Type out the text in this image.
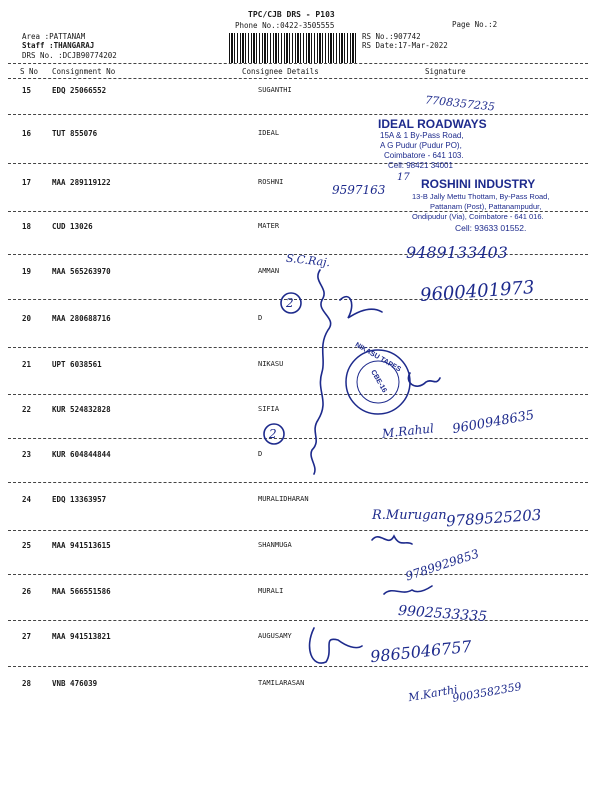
TPC/CJB DRS - P103
Phone No.:0422-3505555	Page No.:2
Area :PATTANAM
Staff :THANGARAJ
DRS No. :DCJB90774202
RS No.:907742
RS Date:17-Mar-2022
S No Consignment No	Consignee Details	Signature
15	EDQ 25066552	SUGANTHI
16	TUT 855076	IDEAL
17	MAA 289119122	ROSHNI
18	CUD 13026	MATER
19	MAA 565263970	AMMAN
20	MAA 280688716	D
21	UPT 6038561	NIKASU
22	KUR 524832828	SIFIA
23	KUR 604844844	D
24	EDQ 13363957	MURALIDHARAN
25	MAA 941513615	SHANMUGA
26	MAA 566551586	MURALI
27	MAA 941513821	AUGUSAMY
28	VNB 476039	TAMILARASAN
IDEAL ROADWAYS
15A & 1 By-Pass Road,
A G Pudur (Pudur PO),
Coimbatore - 641 103.
Cell: 98421 34001
ROSHINI INDUSTRY
13-B Jally Mettu Thottam, By-Pass Road,
Pattanam (Post), Pattanampudur,
Ondipudur (Via), Coimbatore - 641 016.
Cell: 93633 01552.
NIKASU TAPES
CBE-16
7708357235
17
9597163
S.C.Raj.	9489133403
2	9600401973
2	M.Rahul 9600948635
R.Murugan
9789525203
9789929853
9902533335
9865046757
M.Karthi
9003582359
